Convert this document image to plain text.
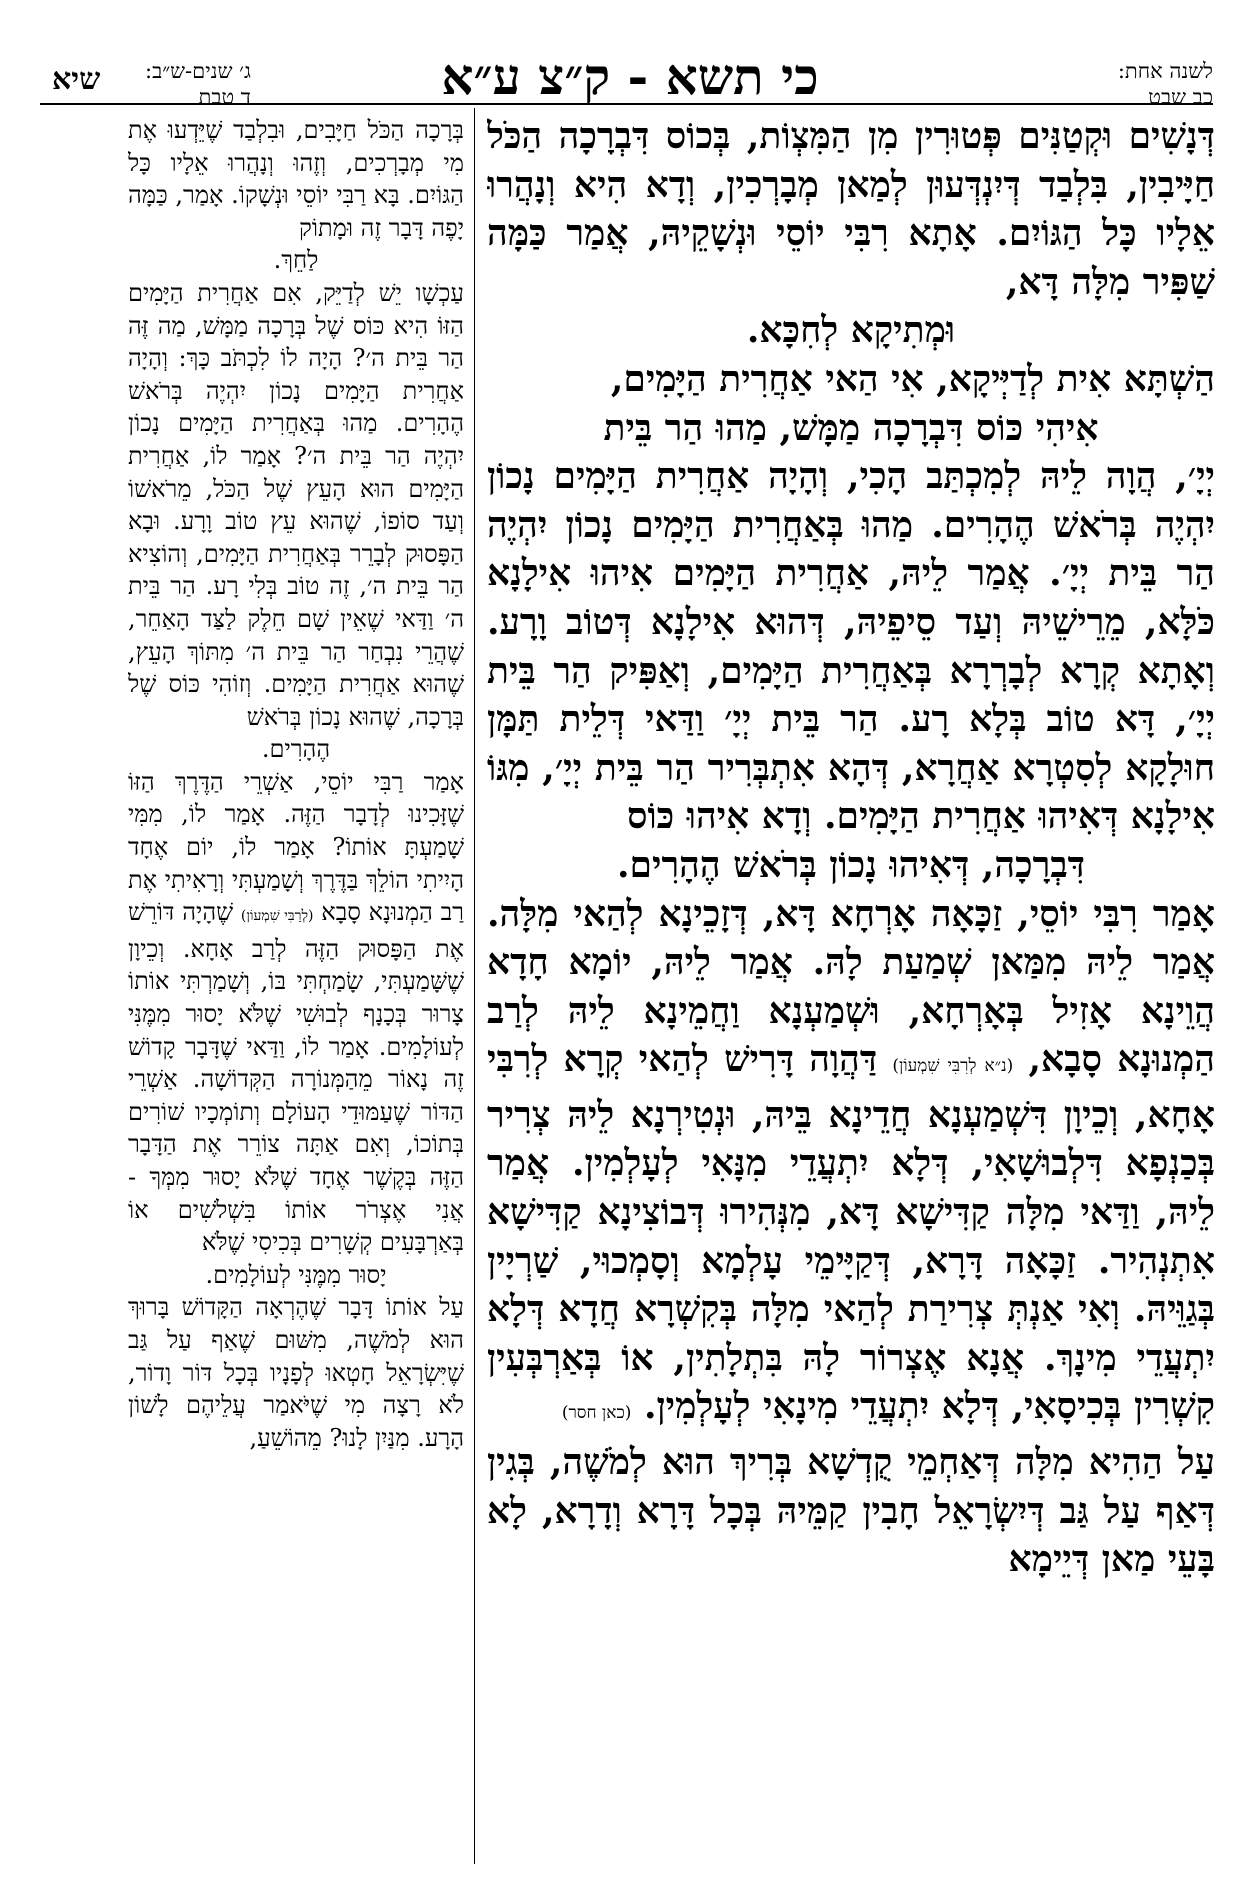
לשנה אחת:
כב שבט
כי תשא - ק״צ ע״א
ג׳ שנים-ש״ב:
ד טבת
שיא

דְּנָשִׁים וּקְטַנִּים פְּטוּרִין מִן הַמִּצְוֹת, בְּכוֹס דִּבְרָכָה הַכֹּל חַיָּיבִין, בִּלְבַד דְּיִנְדְּעוּן לְמַאן מְבָרְכִין, וְדָא הִיא וְנָהֲרוּ אֵלָיו כָּל הַגּוֹיִם. אָתָא רִבִּי יוֹסֵי וּנְשָׁקֵיהּ, אֲמַר כַּמָּה שַׁפִּיר מִלָּה דָּא,

וּמְתִיקָא לְחִכָּא.

הַשְׁתָּא אִית לְדַיְּיקָא, אִי הַאי אַחֲרִית הַיָּמִים,

אִיהִי כּוֹס דִּבְרָכָה מַמָּשׁ, מַהוּ הַר בֵּית

יְיָ׳, הֲוָה לֵיהּ לְמִכְתַּב הָכִי, וְהָיָה אַחֲרִית הַיָּמִים נָכוֹן יִהְיֶה בְּרֹאשׁ הֶהָרִים. מַהוּ בְּאַחֲרִית הַיָּמִים נָכוֹן יִהְיֶה הַר בֵּית יְיָ׳. אֲמַר לֵיהּ, אַחֲרִית הַיָּמִים אִיהוּ אִילָנָא כֹּלָּא, מֵרֵישֵׁיהּ וְעַד סֵיפֵיהּ, דְּהוּא אִילָנָא דְּטוֹב וָרָע. וְאָתָא קְרָא לְבָרְרָא בְּאַחֲרִית הַיָּמִים, וְאַפִּיק הַר בֵּית יְיָ׳, דָּא טוֹב בְּלָא רָע. הַר בֵּית יְיָ׳ וַדַּאי דְּלֵית תַּמָּן חוּלָקָא לְסִטְרָא אַחֲרָא, דְּהָא אִתְבְּרִיר הַר בֵּית יְיָ׳, מִגּוֹ אִילָנָא דְּאִיהוּ אַחֲרִית הַיָּמִים. וְדָא אִיהוּ כּוֹס

דִּבְרָכָה, דְּאִיהוּ נָכוֹן בְּרֹאשׁ הֶהָרִים.

אָמַר רִבִּי יוֹסֵי, זַכָּאָה אָרְחָא דָּא, דְּזָכֵינָא לְהַאי מִלָּה. אֲמַר לֵיהּ מִמַּאן שְׁמַעַת לָהּ. אֲמַר לֵיהּ, יוֹמָא חָדָא הֲוֵינָא אָזִיל בְּאָרְחָא, וּשְׁמַעְנָא וַחֲמֵינָא לֵיהּ לְרַב הַמְנוּנָא סָבָא, (נ״א לְרִבִּי שִׁמְעוֹן) דַּהֲוָה דָּרִישׁ לְהַאי קְרָא לְרִבִּי אָחָא, וְכֵיוָן דִּשְׁמַעְנָא חֲדֵינָא בֵּיהּ, וּנְטִירְנָא לֵיהּ צְרִיר בְּכַנְפָא דִּלְבוּשָׁאִי, דְּלָא יִתְעֲדֵי מִנָּאִי לְעָלְמִין. אֲמַר לֵיהּ, וַדַּאי מִלָּה קַדִּישָׁא דָּא, מִנְּהִירוּ דְּבוֹצִינָא קַדִּישָׁא אִתְנְהִיר. זַכָּאָה דָּרָא, דְּקַיָּימֵי עָלְמָא וְסָמְכוּי, שַׁרְיָין בְּגַוֵּיהּ. וְאִי אַנְתְּ צְרִירַת לְהַאי מִלָּה בְּקִשְׁרָא חֲדָא דְּלָא יִתְעֲדֵי מִינָךְ. אֲנָא אֶצְרוֹר לָהּ בִּתְלָתִין, אוֹ בְּאַרְבְּעִין קִשְׁרִין בְּכִיסָאִי, דְּלָא יִתְעֲדֵי מִינָאִי לְעָלְמִין. (כאן חסר)

עַל הַהִיא מִלָּה דְּאַחְמֵי קֻדְשָׁא בְּרִיךְ הוּא לְמֹשֶׁה, בְּגִין דְּאַף עַל גַּב דְּיִשְׂרָאֵל חָבִין קַמֵּיהּ בְּכָל דָּרָא וְדָרָא, לָא בָּעֵי מַאן דְּיֵימָא

בְּרָכָה הַכֹּל חַיָּבִים, וּבִלְבַד שֶׁיֵּדְעוּ אֶת מִי מְבָרְכִים, וְזֶהוּ וְנָהֲרוּ אֵלָיו כָּל הַגּוֹיִם. בָּא רַבִּי יוֹסֵי וּנְשָׁקוֹ. אָמַר, כַּמָּה יָפֶה דָּבָר זֶה וּמָתוֹק

לַחֵךְ.

עַכְשָׁו יֵשׁ לְדַיֵּק, אִם אַחֲרִית הַיָּמִים הַזּוֹ הִיא כּוֹס שֶׁל בְּרָכָה מַמָּשׁ, מַה זֶּה הַר בֵּית ה׳? הָיָה לוֹ לִכְתֹּב כָּךְ: וְהָיָה אַחֲרִית הַיָּמִים נָכוֹן יִהְיֶה בְּרֹאשׁ הֶהָרִים. מַהוּ בְּאַחֲרִית הַיָּמִים נָכוֹן יִהְיֶה הַר בֵּית ה׳? אָמַר לוֹ, אַחֲרִית הַיָּמִים הוּא הָעֵץ שֶׁל הַכֹּל, מֵרֹאשׁוֹ וְעַד סוֹפוֹ, שֶׁהוּא עֵץ טוֹב וָרָע. וּבָא הַפָּסוּק לְבָרֵר בְּאַחֲרִית הַיָּמִים, וְהוֹצִיא הַר בֵּית ה׳, זֶה טוֹב בְּלִי רָע. הַר בֵּית ה׳ וַדַּאי שֶׁאֵין שָׁם חֵלֶק לַצַּד הָאַחֵר, שֶׁהֲרֵי נִבְחַר הַר בֵּית ה׳ מִתּוֹךְ הָעֵץ, שֶׁהוּא אַחֲרִית הַיָּמִים. וְזוֹהִי כּוֹס שֶׁל בְּרָכָה, שֶׁהוּא נָכוֹן בְּרֹאשׁ

הֶהָרִים.

אָמַר רַבִּי יוֹסֵי, אַשְׁרֵי הַדֶּרֶךְ הַזּוֹ שֶׁזָּכִינוּ לְדָבָר הַזֶּה. אָמַר לוֹ, מִמִּי שָׁמַעְתָּ אוֹתוֹ? אָמַר לוֹ, יוֹם אֶחָד הָיִיתִי הוֹלֵךְ בַּדֶּרֶךְ וְשָׁמַעְתִּי וְרָאִיתִי אֶת רַב הַמְנוּנָא סָבָא (לְרַבִּי שִׁמְעוֹן) שֶׁהָיָה דּוֹרֵשׁ אֶת הַפָּסוּק הַזֶּה לְרַב אָחָא. וְכֵיוָן שֶׁשָּׁמַעְתִּי, שָׂמַחְתִּי בּוֹ, וְשָׁמַרְתִּי אוֹתוֹ צָרוּר בְּכָנָף לְבוּשִׁי שֶׁלֹּא יָסוּר מִמֶּנִּי לְעוֹלָמִים. אָמַר לוֹ, וַדַּאי שֶׁדָּבָר קָדוֹשׁ זֶה נָאוֹר מֵהַמְּנוֹרָה הַקְּדוֹשָׁה. אַשְׁרֵי הַדּוֹר שֶׁעַמּוּדֵי הָעוֹלָם וְתוֹמְכָיו שׁוֹרִים בְּתוֹכוֹ, וְאִם אַתָּה צוֹרֵר אֶת הַדָּבָר הַזֶּה בְּקֶשֶׁר אֶחָד שֶׁלֹּא יָסוּר מִמְּךָ - אֲנִי אֶצְרֹר אוֹתוֹ בִּשְׁלֹשִׁים אוֹ בְּאַרְבָּעִים קְשָׁרִים בְּכִיסִי שֶׁלֹּא

יָסוּר מִמֶּנִּי לְעוֹלָמִים.

עַל אוֹתוֹ דָּבָר שֶׁהֶרְאָה הַקָּדוֹשׁ בָּרוּךְ הוּא לְמֹשֶׁה, מִשּׁוּם שֶׁאַף עַל גַּב שֶׁיִּשְׂרָאֵל חָטְאוּ לְפָנָיו בְּכָל דּוֹר וָדוֹר, לֹא רָצָה מִי שֶׁיֹּאמַר עֲלֵיהֶם לָשׁוֹן הָרָע. מִנַּיִן לָנוּ? מֵהוֹשֵׁעַ,
